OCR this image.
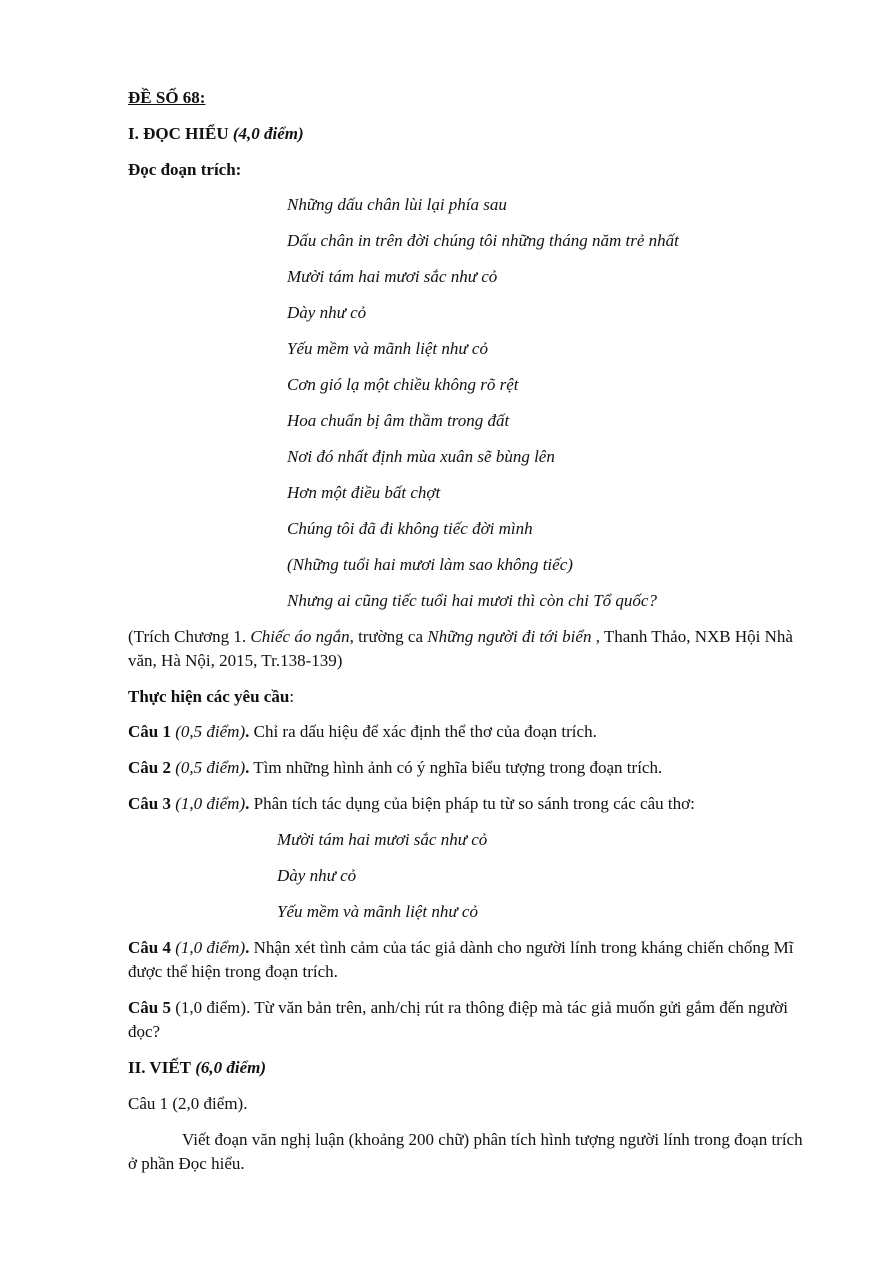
ĐỀ SỐ 68:
I. ĐỌC HIỂU (4,0 điểm)
Đọc đoạn trích:
Những dấu chân lùi lại phía sau
Dấu chân in trên đời chúng tôi những tháng năm trẻ nhất
Mười tám hai mươi sắc như cỏ
Dày như cỏ
Yếu mềm và mãnh liệt như cỏ
Cơn gió lạ một chiều không rõ rệt
Hoa chuẩn bị âm thầm trong đất
Nơi đó nhất định mùa xuân sẽ bùng lên
Hơn một điều bất chợt
Chúng tôi đã đi không tiếc đời mình
(Những tuổi hai mươi làm sao không tiếc)
Nhưng ai cũng tiếc tuổi hai mươi thì còn chi Tổ quốc?
(Trích Chương 1. Chiếc áo ngắn, trường ca Những người đi tới biển , Thanh Thảo, NXB Hội Nhà văn, Hà Nội, 2015, Tr.138-139)
Thực hiện các yêu cầu:
Câu 1 (0,5 điểm). Chỉ ra dấu hiệu để xác định thể thơ của đoạn trích.
Câu 2 (0,5 điểm). Tìm những hình ảnh có ý nghĩa biểu tượng trong đoạn trích.
Câu 3 (1,0 điểm). Phân tích tác dụng của biện pháp tu từ so sánh trong các câu thơ:
Mười tám hai mươi sắc như cỏ
Dày như cỏ
Yếu mềm và mãnh liệt như cỏ
Câu 4 (1,0 điểm). Nhận xét tình cảm của tác giả dành cho người lính trong kháng chiến chống Mĩ được thể hiện trong đoạn trích.
Câu 5 (1,0 điểm). Từ văn bản trên, anh/chị rút ra thông điệp mà tác giả muốn gửi gắm đến người đọc?
II. VIẾT (6,0 điểm)
Câu 1 (2,0 điểm).
Viết đoạn văn nghị luận (khoảng 200 chữ) phân tích hình tượng người lính trong đoạn trích ở phần Đọc hiểu.
